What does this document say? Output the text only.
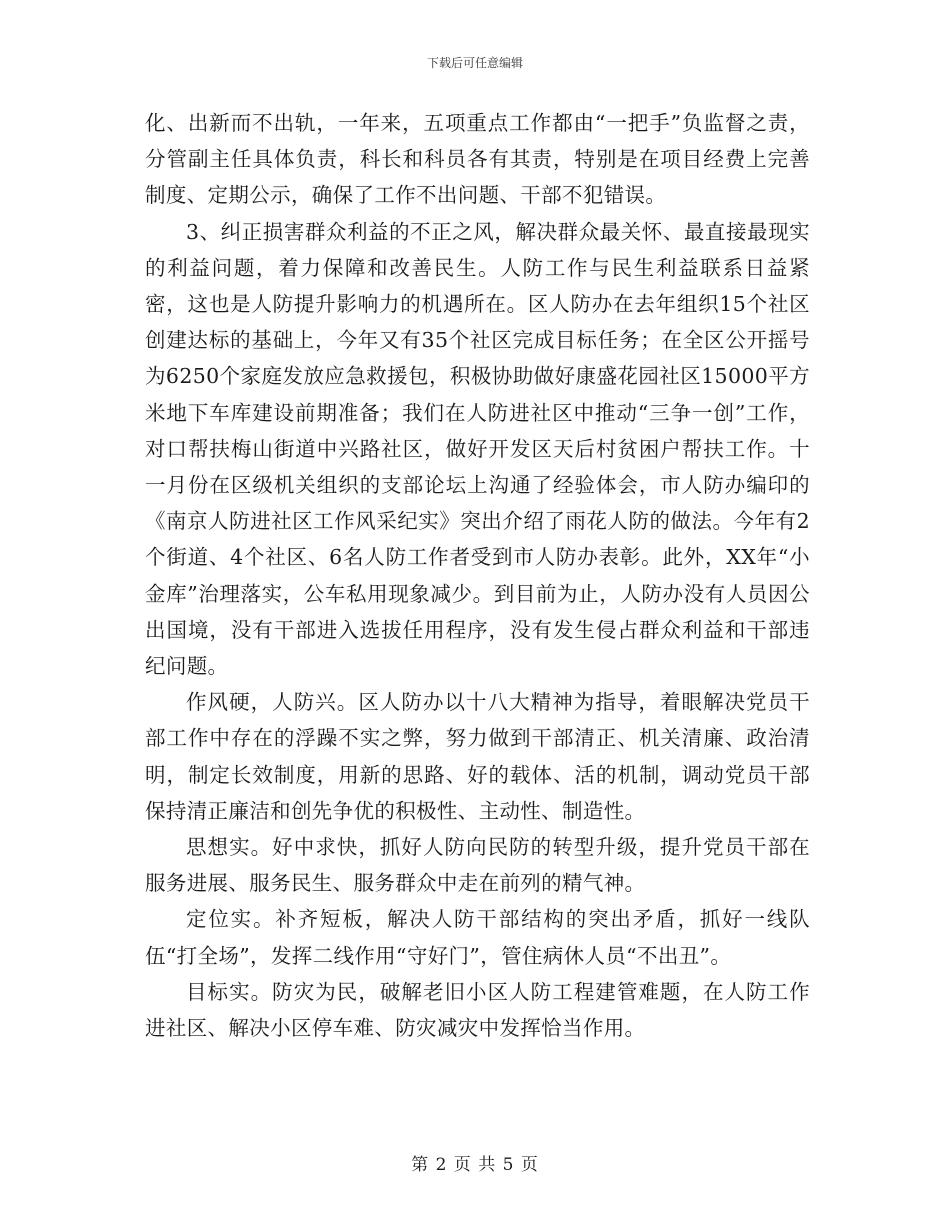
下载后可任意编辑

化、出新而不出轨，一年来，五项重点工作都由“一把手”负监督之责，分管副主任具体负责，科长和科员各有其责，特别是在项目经费上完善制度、定期公示，确保了工作不出问题、干部不犯错误。

3、纠正损害群众利益的不正之风，解决群众最关怀、最直接最现实的利益问题，着力保障和改善民生。人防工作与民生利益联系日益紧密，这也是人防提升影响力的机遇所在。区人防办在去年组织15个社区创建达标的基础上，今年又有35个社区完成目标任务；在全区公开摇号为6250个家庭发放应急救援包，积极协助做好康盛花园社区15000平方米地下车库建设前期准备；我们在人防进社区中推动“三争一创”工作，对口帮扶梅山街道中兴路社区，做好开发区天后村贫困户帮扶工作。十一月份在区级机关组织的支部论坛上沟通了经验体会，市人防办编印的《南京人防进社区工作风采纪实》突出介绍了雨花人防的做法。今年有2个街道、4个社区、6名人防工作者受到市人防办表彰。此外，XX年“小金库”治理落实，公车私用现象减少。到目前为止，人防办没有人员因公出国境，没有干部进入选拔任用程序，没有发生侵占群众利益和干部违纪问题。

作风硬，人防兴。区人防办以十八大精神为指导，着眼解决党员干部工作中存在的浮躁不实之弊，努力做到干部清正、机关清廉、政治清明，制定长效制度，用新的思路、好的载体、活的机制，调动党员干部保持清正廉洁和创先争优的积极性、主动性、制造性。

思想实。好中求快，抓好人防向民防的转型升级，提升党员干部在服务进展、服务民生、服务群众中走在前列的精气神。

定位实。补齐短板，解决人防干部结构的突出矛盾，抓好一线队伍“打全场”，发挥二线作用“守好门”，管住病休人员“不出丑”。

目标实。防灾为民，破解老旧小区人防工程建管难题，在人防工作进社区、解决小区停车难、防灾减灾中发挥恰当作用。

第 2 页 共 5 页
